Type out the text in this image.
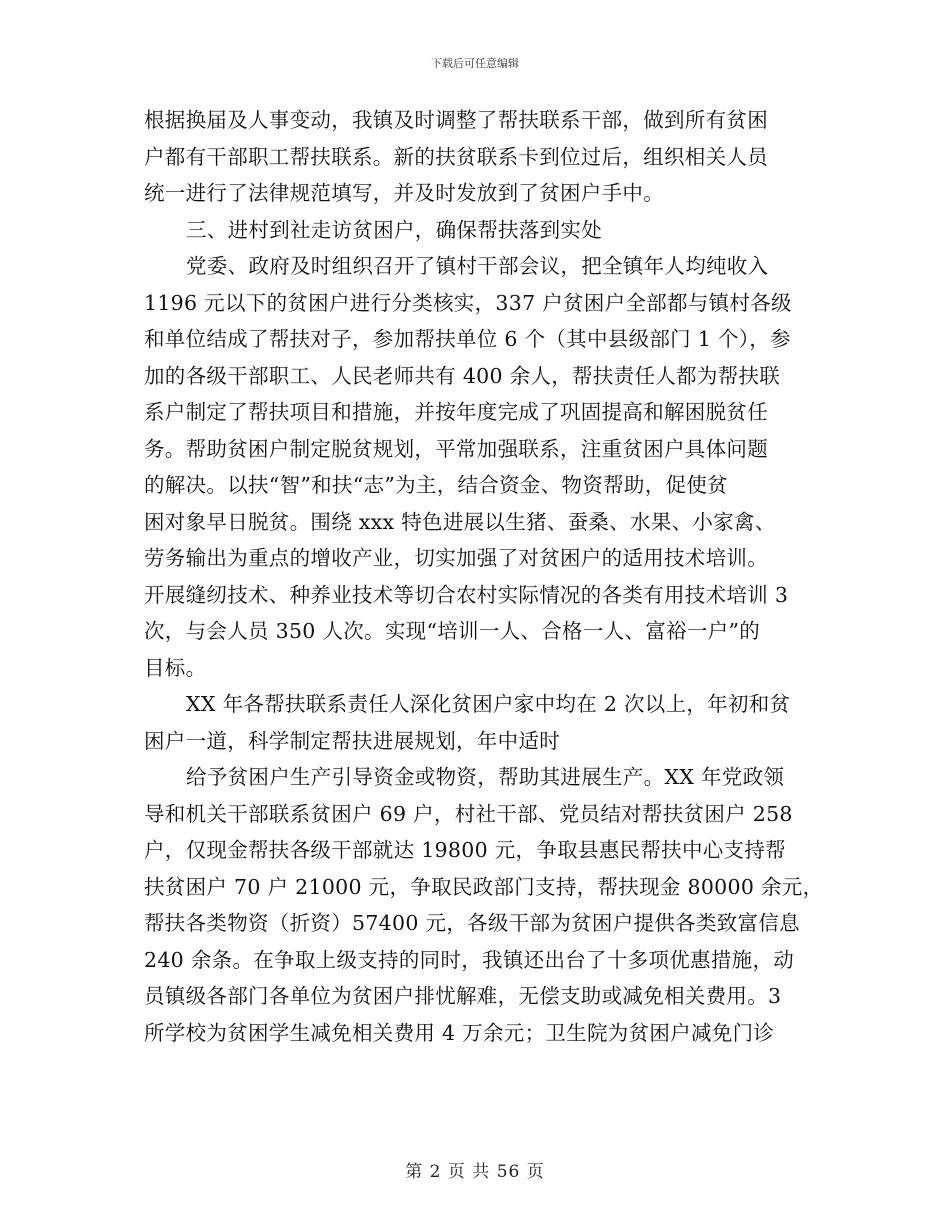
下载后可任意编辑
根据换届及人事变动，我镇及时调整了帮扶联系干部，做到所有贫困
户都有干部职工帮扶联系。新的扶贫联系卡到位过后，组织相关人员
统一进行了法律规范填写，并及时发放到了贫困户手中。
三、进村到社走访贫困户，确保帮扶落到实处
党委、政府及时组织召开了镇村干部会议，把全镇年人均纯收入
1196 元以下的贫困户进行分类核实，337 户贫困户全部都与镇村各级
和单位结成了帮扶对子，参加帮扶单位 6 个（其中县级部门 1 个），参
加的各级干部职工、人民老师共有 400 余人，帮扶责任人都为帮扶联
系户制定了帮扶项目和措施，并按年度完成了巩固提高和解困脱贫任
务。帮助贫困户制定脱贫规划，平常加强联系，注重贫困户具体问题
的解决。以扶“智”和扶“志”为主，结合资金、物资帮助，促使贫
困对象早日脱贫。围绕 xxx 特色进展以生猪、蚕桑、水果、小家禽、
劳务输出为重点的增收产业，切实加强了对贫困户的适用技术培训。
开展缝纫技术、种养业技术等切合农村实际情况的各类有用技术培训 3
次，与会人员 350 人次。实现“培训一人、合格一人、富裕一户”的
目标。
XX 年各帮扶联系责任人深化贫困户家中均在 2 次以上，年初和贫
困户一道，科学制定帮扶进展规划，年中适时
给予贫困户生产引导资金或物资，帮助其进展生产。XX 年党政领
导和机关干部联系贫困户 69 户，村社干部、党员结对帮扶贫困户 258
户，仅现金帮扶各级干部就达 19800 元，争取县惠民帮扶中心支持帮
扶贫困户 70 户 21000 元，争取民政部门支持，帮扶现金 80000 余元，
帮扶各类物资（折资）57400 元，各级干部为贫困户提供各类致富信息
240 余条。在争取上级支持的同时，我镇还出台了十多项优惠措施，动
员镇级各部门各单位为贫困户排忧解难，无偿支助或减免相关费用。3
所学校为贫困学生减免相关费用 4 万余元；卫生院为贫困户减免门诊
第 2 页 共 56 页
